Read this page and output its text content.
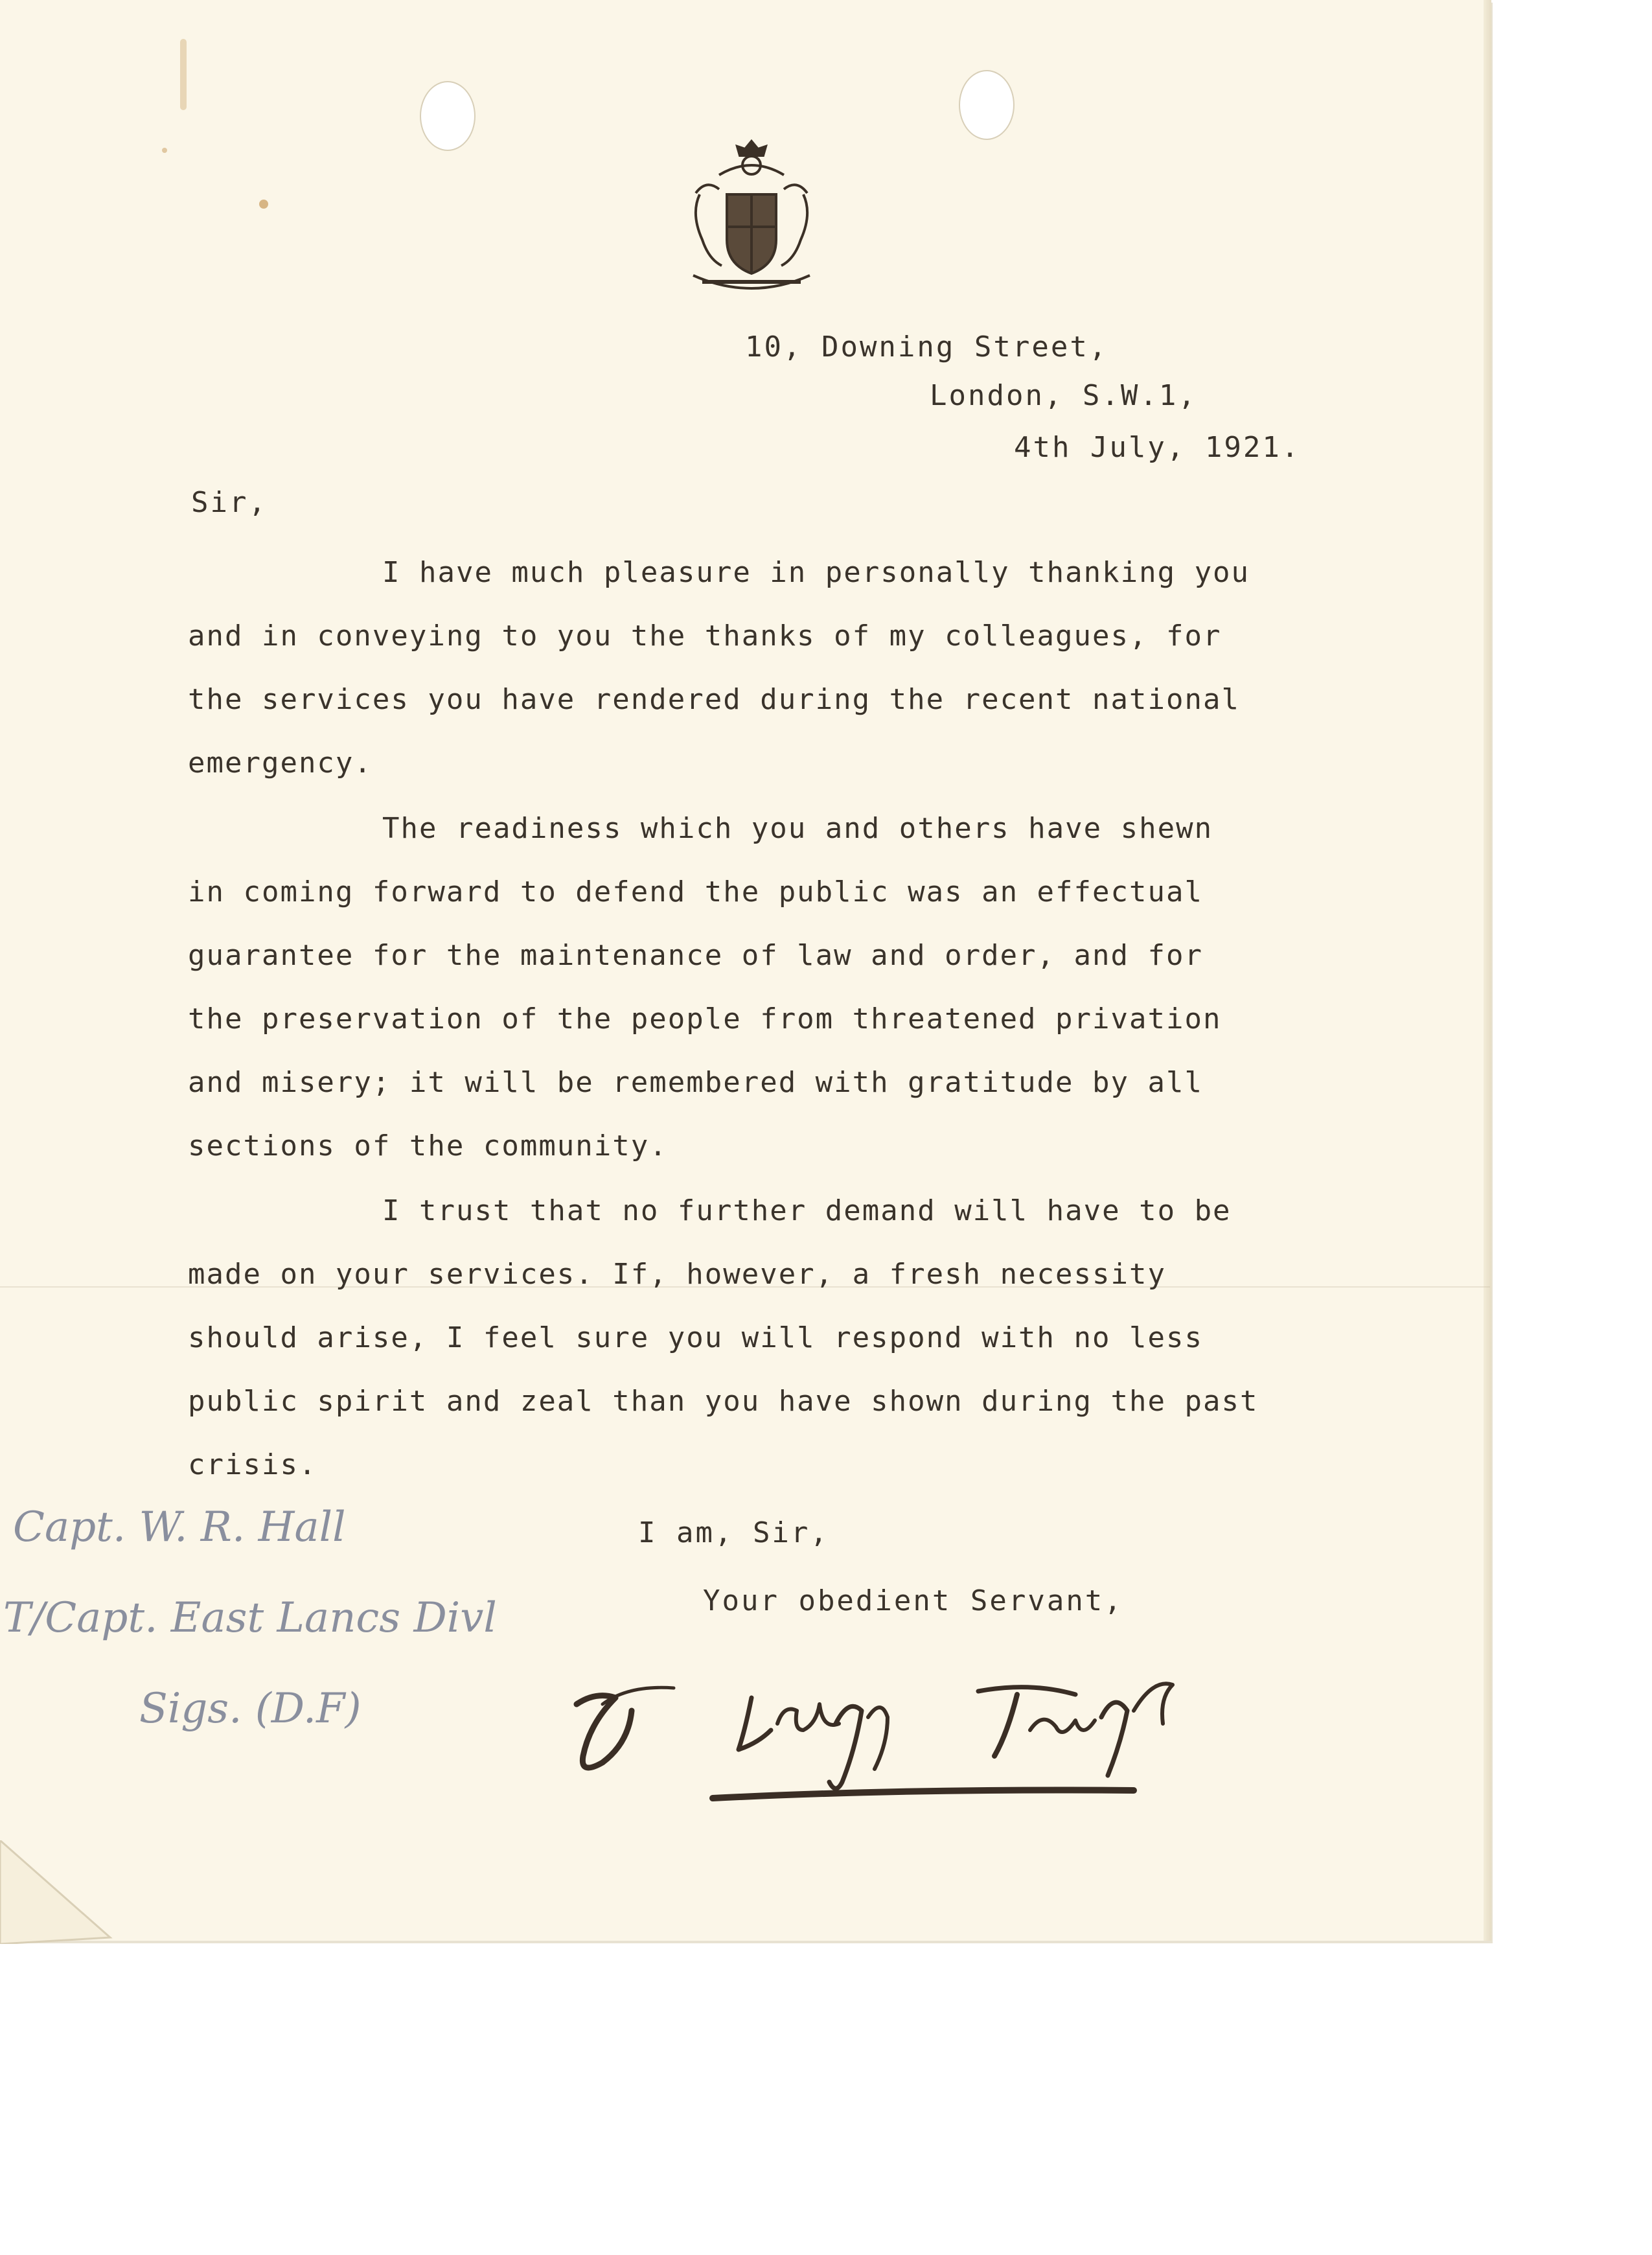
10, Downing Street,
London, S.W.1,
4th July, 1921.
Sir,
I have much pleasure in personally thanking you
and in conveying to you the thanks of my colleagues, for
the services you have rendered during the recent national
emergency.
The readiness which you and others have shewn
in coming forward to defend the public was an effectual
guarantee for the maintenance of law and order, and for
the preservation of the people from threatened privation
and misery; it will be remembered with gratitude by all
sections of the community.
I trust that no further demand will have to be
made on your services. If, however, a fresh necessity
should arise, I feel sure you will respond with no less
public spirit and zeal than you have shown during the past
crisis.
I am, Sir,
Your obedient Servant,
Capt. W. R. Hall
T/Capt. East Lancs Divl
Sigs. (D.F)
